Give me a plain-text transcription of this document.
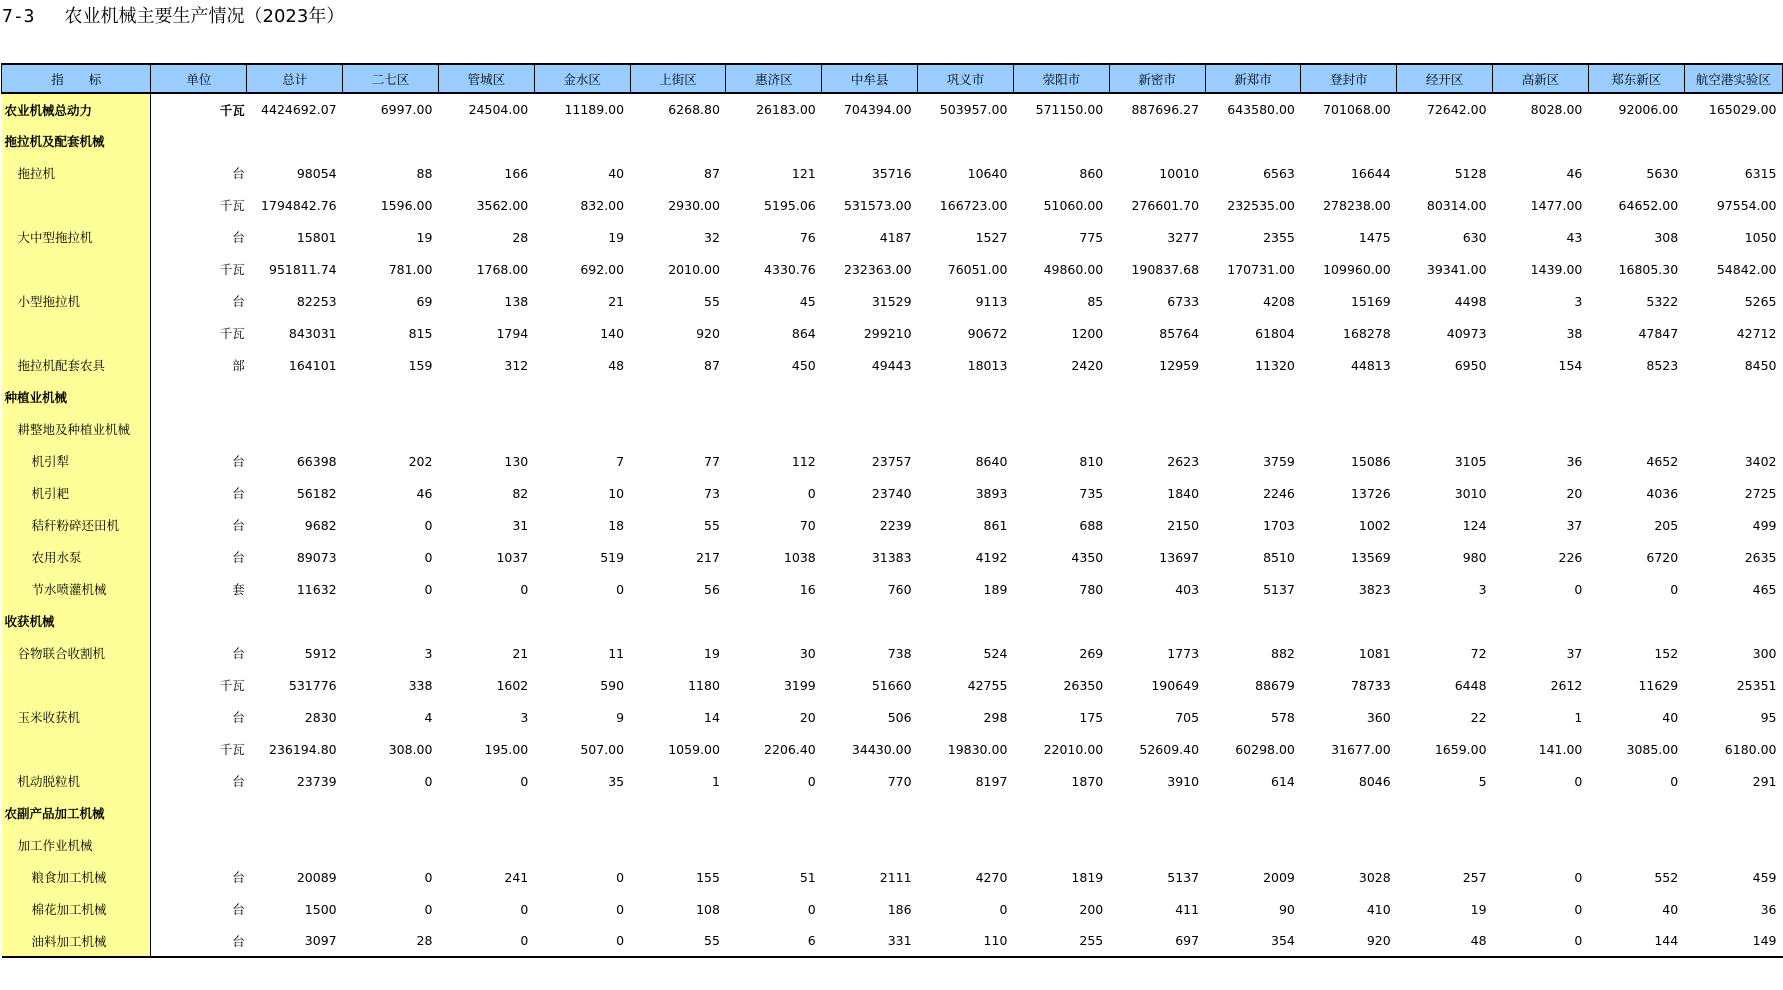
7-3 农业机械主要生产情况（2023年）
指　　标	单位	总计	二七区	管城区	金水区	上街区	惠济区	中牟县	巩义市	荥阳市	新密市	新郑市	登封市	经开区	高新区	郑东新区	航空港实验区
农业机械总动力	千瓦	4424692.07	6997.00	24504.00	11189.00	6268.80	26183.00	704394.00	503957.00	571150.00	887696.27	643580.00	701068.00	72642.00	8028.00	92006.00	165029.00
拖拉机及配套机械																	
拖拉机	台	98054	88	166	40	87	121	35716	10640	860	10010	6563	16644	5128	46	5630	6315
	千瓦	1794842.76	1596.00	3562.00	832.00	2930.00	5195.06	531573.00	166723.00	51060.00	276601.70	232535.00	278238.00	80314.00	1477.00	64652.00	97554.00
大中型拖拉机	台	15801	19	28	19	32	76	4187	1527	775	3277	2355	1475	630	43	308	1050
	千瓦	951811.74	781.00	1768.00	692.00	2010.00	4330.76	232363.00	76051.00	49860.00	190837.68	170731.00	109960.00	39341.00	1439.00	16805.30	54842.00
小型拖拉机	台	82253	69	138	21	55	45	31529	9113	85	6733	4208	15169	4498	3	5322	5265
	千瓦	843031	815	1794	140	920	864	299210	90672	1200	85764	61804	168278	40973	38	47847	42712
拖拉机配套农具	部	164101	159	312	48	87	450	49443	18013	2420	12959	11320	44813	6950	154	8523	8450
种植业机械																	
耕整地及种植业机械																	
机引犁	台	66398	202	130	7	77	112	23757	8640	810	2623	3759	15086	3105	36	4652	3402
机引耙	台	56182	46	82	10	73	0	23740	3893	735	1840	2246	13726	3010	20	4036	2725
秸秆粉碎还田机	台	9682	0	31	18	55	70	2239	861	688	2150	1703	1002	124	37	205	499
农用水泵	台	89073	0	1037	519	217	1038	31383	4192	4350	13697	8510	13569	980	226	6720	2635
节水喷灌机械	套	11632	0	0	0	56	16	760	189	780	403	5137	3823	3	0	0	465
收获机械																	
谷物联合收割机	台	5912	3	21	11	19	30	738	524	269	1773	882	1081	72	37	152	300
	千瓦	531776	338	1602	590	1180	3199	51660	42755	26350	190649	88679	78733	6448	2612	11629	25351
玉米收获机	台	2830	4	3	9	14	20	506	298	175	705	578	360	22	1	40	95
	千瓦	236194.80	308.00	195.00	507.00	1059.00	2206.40	34430.00	19830.00	22010.00	52609.40	60298.00	31677.00	1659.00	141.00	3085.00	6180.00
机动脱粒机	台	23739	0	0	35	1	0	770	8197	1870	3910	614	8046	5	0	0	291
农副产品加工机械																	
加工作业机械																	
粮食加工机械	台	20089	0	241	0	155	51	2111	4270	1819	5137	2009	3028	257	0	552	459
棉花加工机械	台	1500	0	0	0	108	0	186	0	200	411	90	410	19	0	40	36
油料加工机械	台	3097	28	0	0	55	6	331	110	255	697	354	920	48	0	144	149
